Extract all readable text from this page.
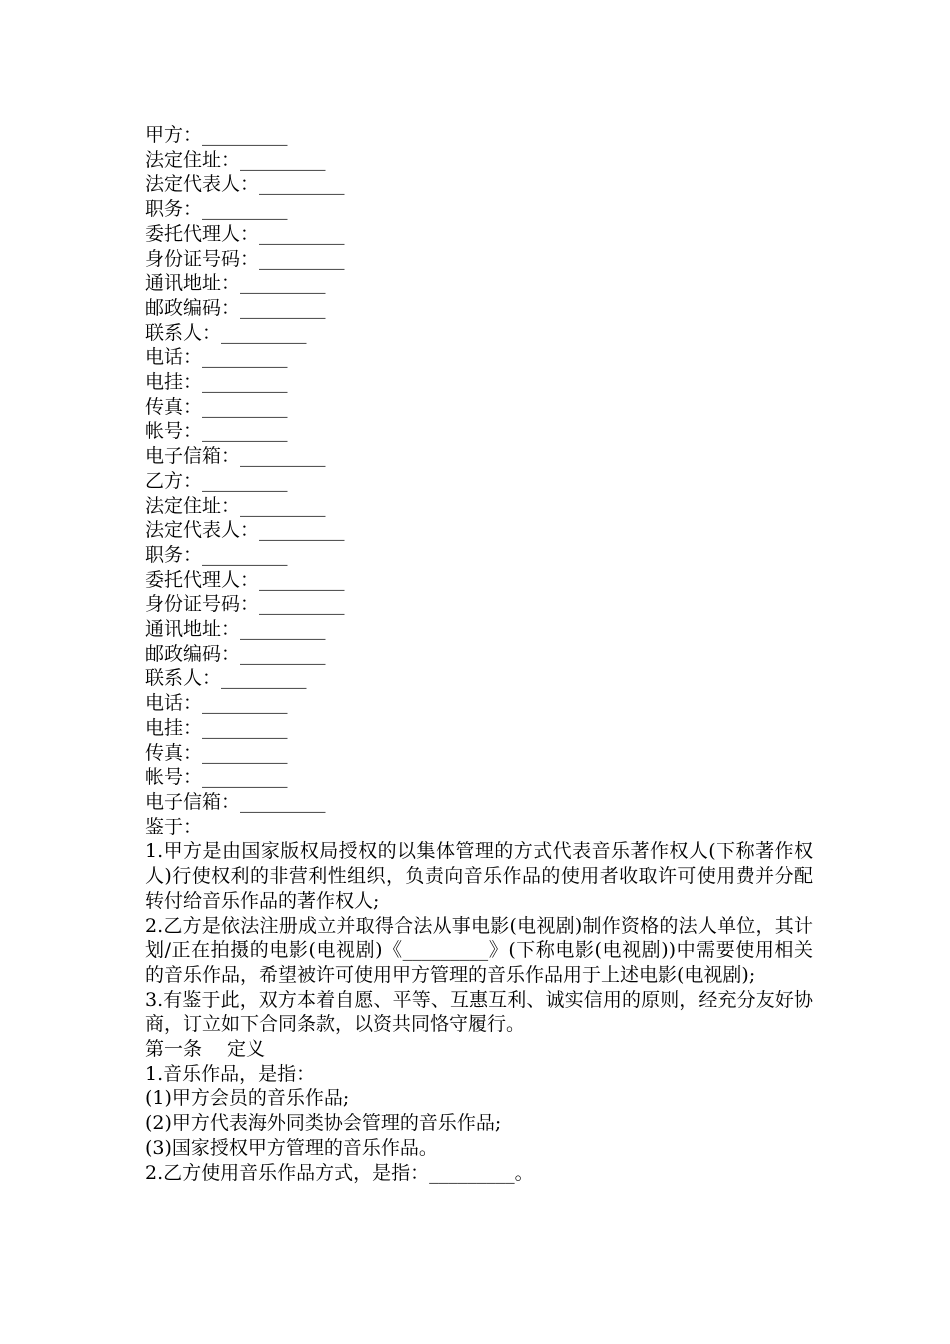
甲方：_________
法定住址：_________
法定代表人：_________
职务：_________
委托代理人：_________
身份证号码：_________
通讯地址：_________
邮政编码：_________
联系人：_________
电话：_________
电挂：_________
传真：_________
帐号：_________
电子信箱：_________
乙方：_________
法定住址：_________
法定代表人：_________
职务：_________
委托代理人：_________
身份证号码：_________
通讯地址：_________
邮政编码：_________
联系人：_________
电话：_________
电挂：_________
传真：_________
帐号：_________
电子信箱：_________
鉴于：
1.甲方是由国家版权局授权的以集体管理的方式代表音乐著作权人(下称著作权人)行使权利的非营利性组织，负责向音乐作品的使用者收取许可使用费并分配转付给音乐作品的著作权人;
2.乙方是依法注册成立并取得合法从事电影(电视剧)制作资格的法人单位，其计划/正在拍摄的电影(电视剧)《_________》(下称电影(电视剧))中需要使用相关的音乐作品，希望被许可使用甲方管理的音乐作品用于上述电影(电视剧);
3.有鉴于此，双方本着自愿、平等、互惠互利、诚实信用的原则，经充分友好协商，订立如下合同条款，以资共同恪守履行。
第一条　 定义
1.音乐作品，是指：
(1)甲方会员的音乐作品;
(2)甲方代表海外同类协会管理的音乐作品;
(3)国家授权甲方管理的音乐作品。
2.乙方使用音乐作品方式，是指：_________。
